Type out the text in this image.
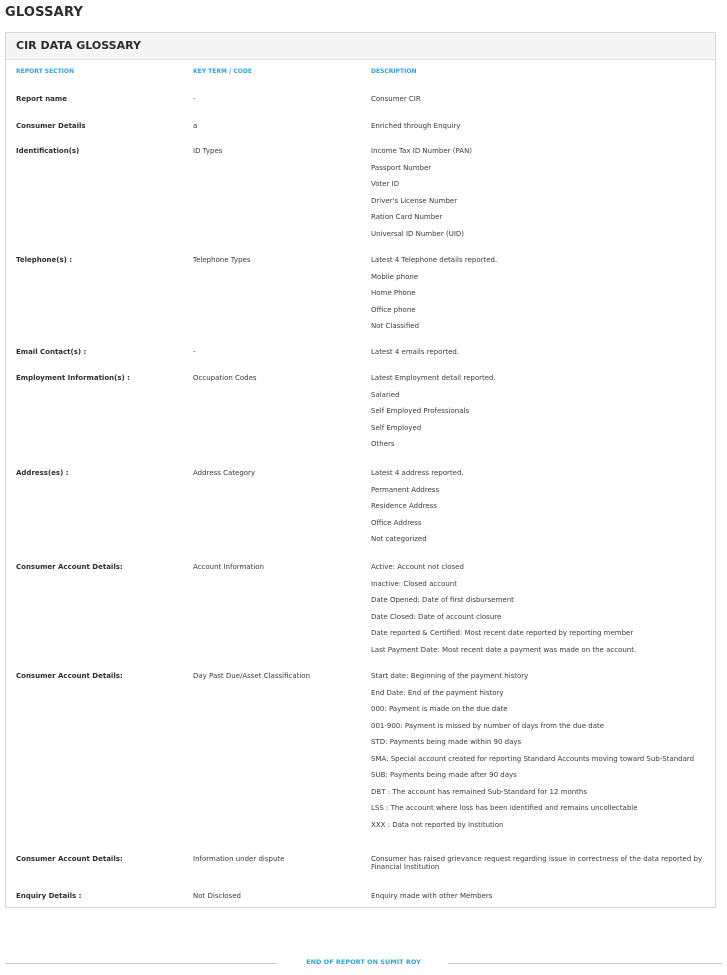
GLOSSARY
CIR DATA GLOSSARY
REPORT SECTION	KEY TERM / CODE	DESCRIPTION
Report name	-	Consumer CIR
Consumer Details	a	Enriched through Enquiry
Identification(s)	ID Types	Income Tax ID Number (PAN)
Passport Number
Voter ID
Driver's License Number
Ration Card Number
Universal ID Number (UID)
Telephone(s) :	Telephone Types	Latest 4 Telephone details reported.
Mobile phone
Home Phone
Office phone
Not Classified
Email Contact(s) :	-	Latest 4 emails reported.
Employment Information(s) :	Occupation Codes	Latest Employment detail reported.
Salaried
Self Employed Professionals
Self Employed
Others
Address(es) :	Address Category	Latest 4 address reported.
Permanent Address
Residence Address
Office Address
Not categorized
Consumer Account Details:	Account Information	Active: Account not closed
Inactive: Closed account
Date Opened: Date of first disbursement
Date Closed: Date of account closure
Date reported & Certified: Most recent date reported by reporting member
Last Payment Date: Most recent date a payment was made on the account.
Consumer Account Details:	Day Past Due/Asset Classification	Start date: Beginning of the payment history
End Date: End of the payment history
000: Payment is made on the due date
001-900: Payment is missed by number of days from the due date
STD: Payments being made within 90 days
SMA: Special account created for reporting Standard Accounts moving toward Sub-Standard
SUB: Payments being made after 90 days
DBT : The account has remained Sub-Standard for 12 months
LSS : The account where loss has been identified and remains uncollectable
XXX : Data not reported by Institution
Consumer Account Details:	Information under dispute	Consumer has raised grievance request regarding issue in correctness of the data reported by Financial Institution
Enquiry Details :	Not Disclosed	Enquiry made with other Members
END OF REPORT ON SUMIT ROY
